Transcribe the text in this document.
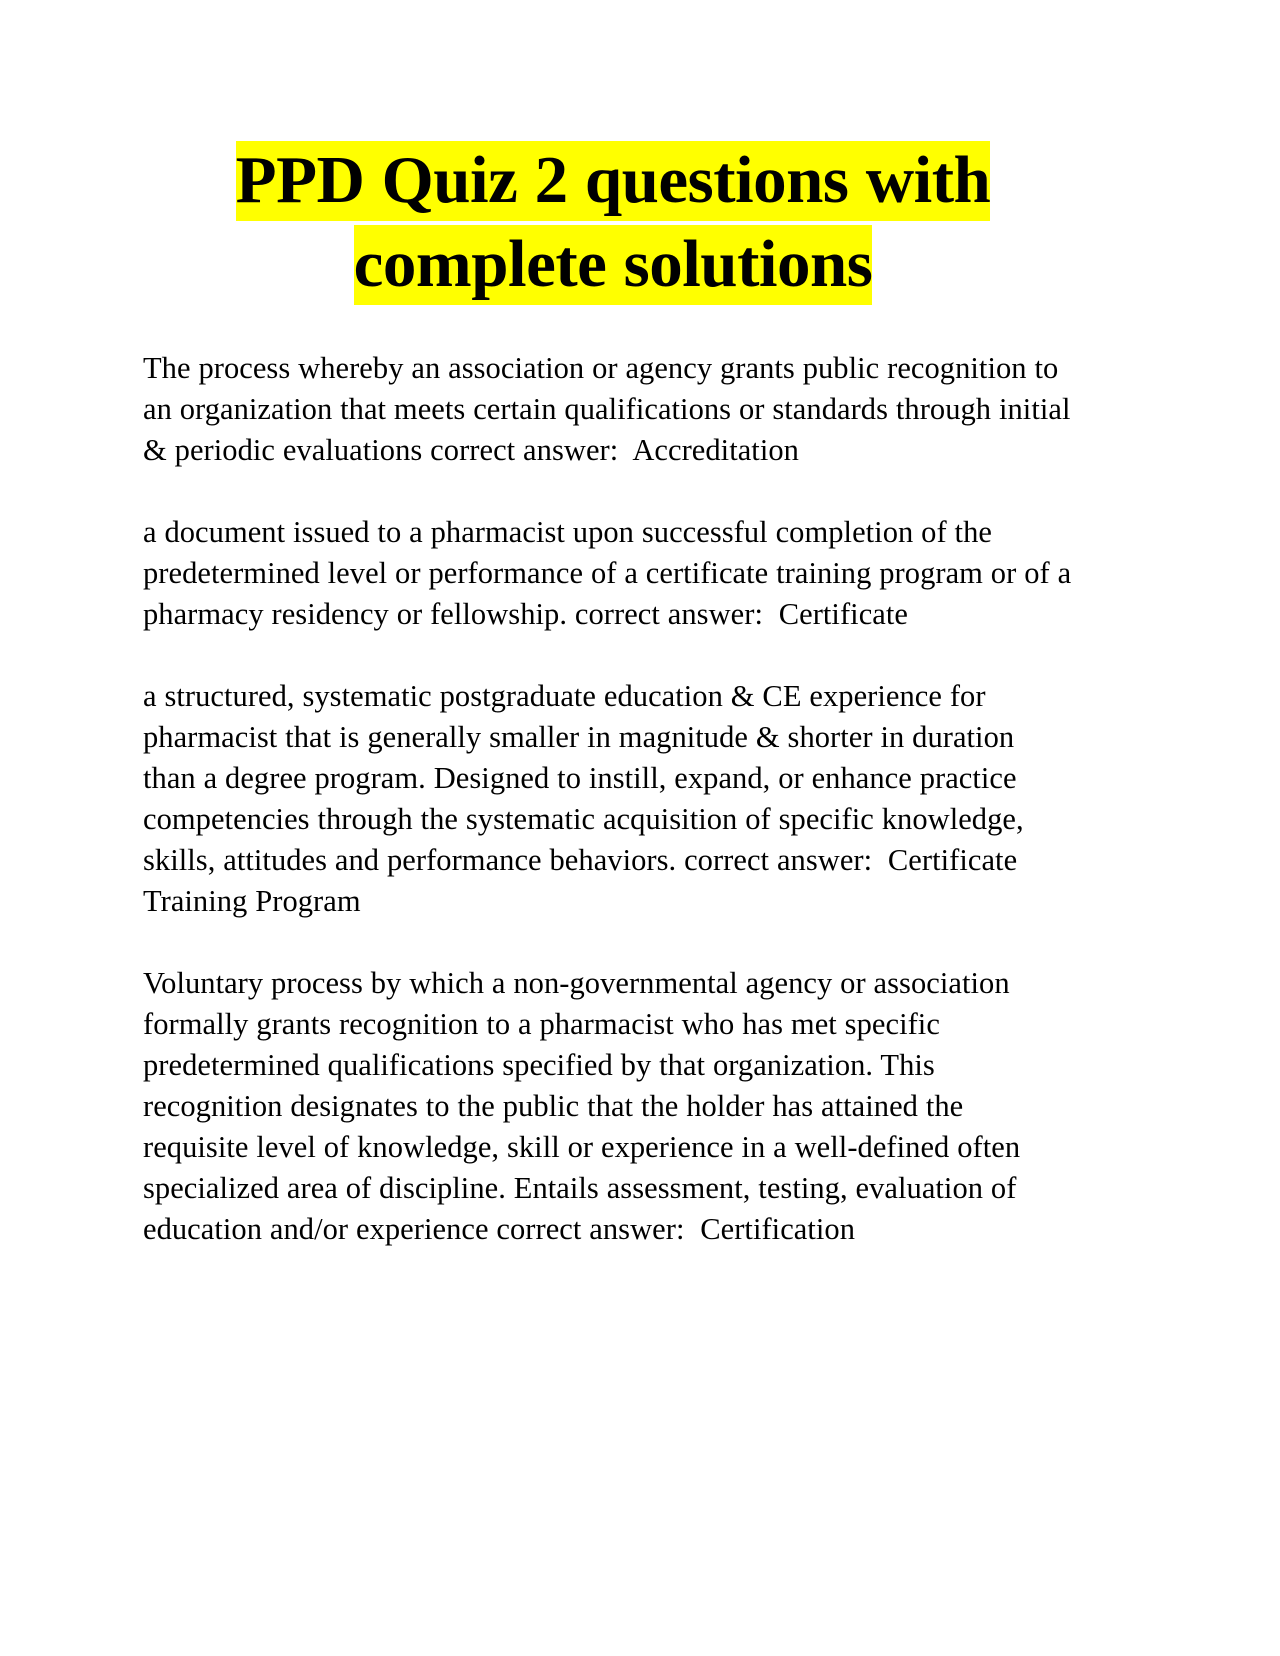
PPD Quiz 2 questions with
complete solutions

The process whereby an association or agency grants public recognition to an organization that meets certain qualifications or standards through initial & periodic evaluations correct answer:  Accreditation

a document issued to a pharmacist upon successful completion of the predetermined level or performance of a certificate training program or of a pharmacy residency or fellowship. correct answer:  Certificate

a structured, systematic postgraduate education & CE experience for pharmacist that is generally smaller in magnitude & shorter in duration than a degree program. Designed to instill, expand, or enhance practice competencies through the systematic acquisition of specific knowledge, skills, attitudes and performance behaviors. correct answer:  Certificate Training Program

Voluntary process by which a non-governmental agency or association formally grants recognition to a pharmacist who has met specific predetermined qualifications specified by that organization. This recognition designates to the public that the holder has attained the requisite level of knowledge, skill or experience in a well-defined often specialized area of discipline. Entails assessment, testing, evaluation of education and/or experience correct answer:  Certification
